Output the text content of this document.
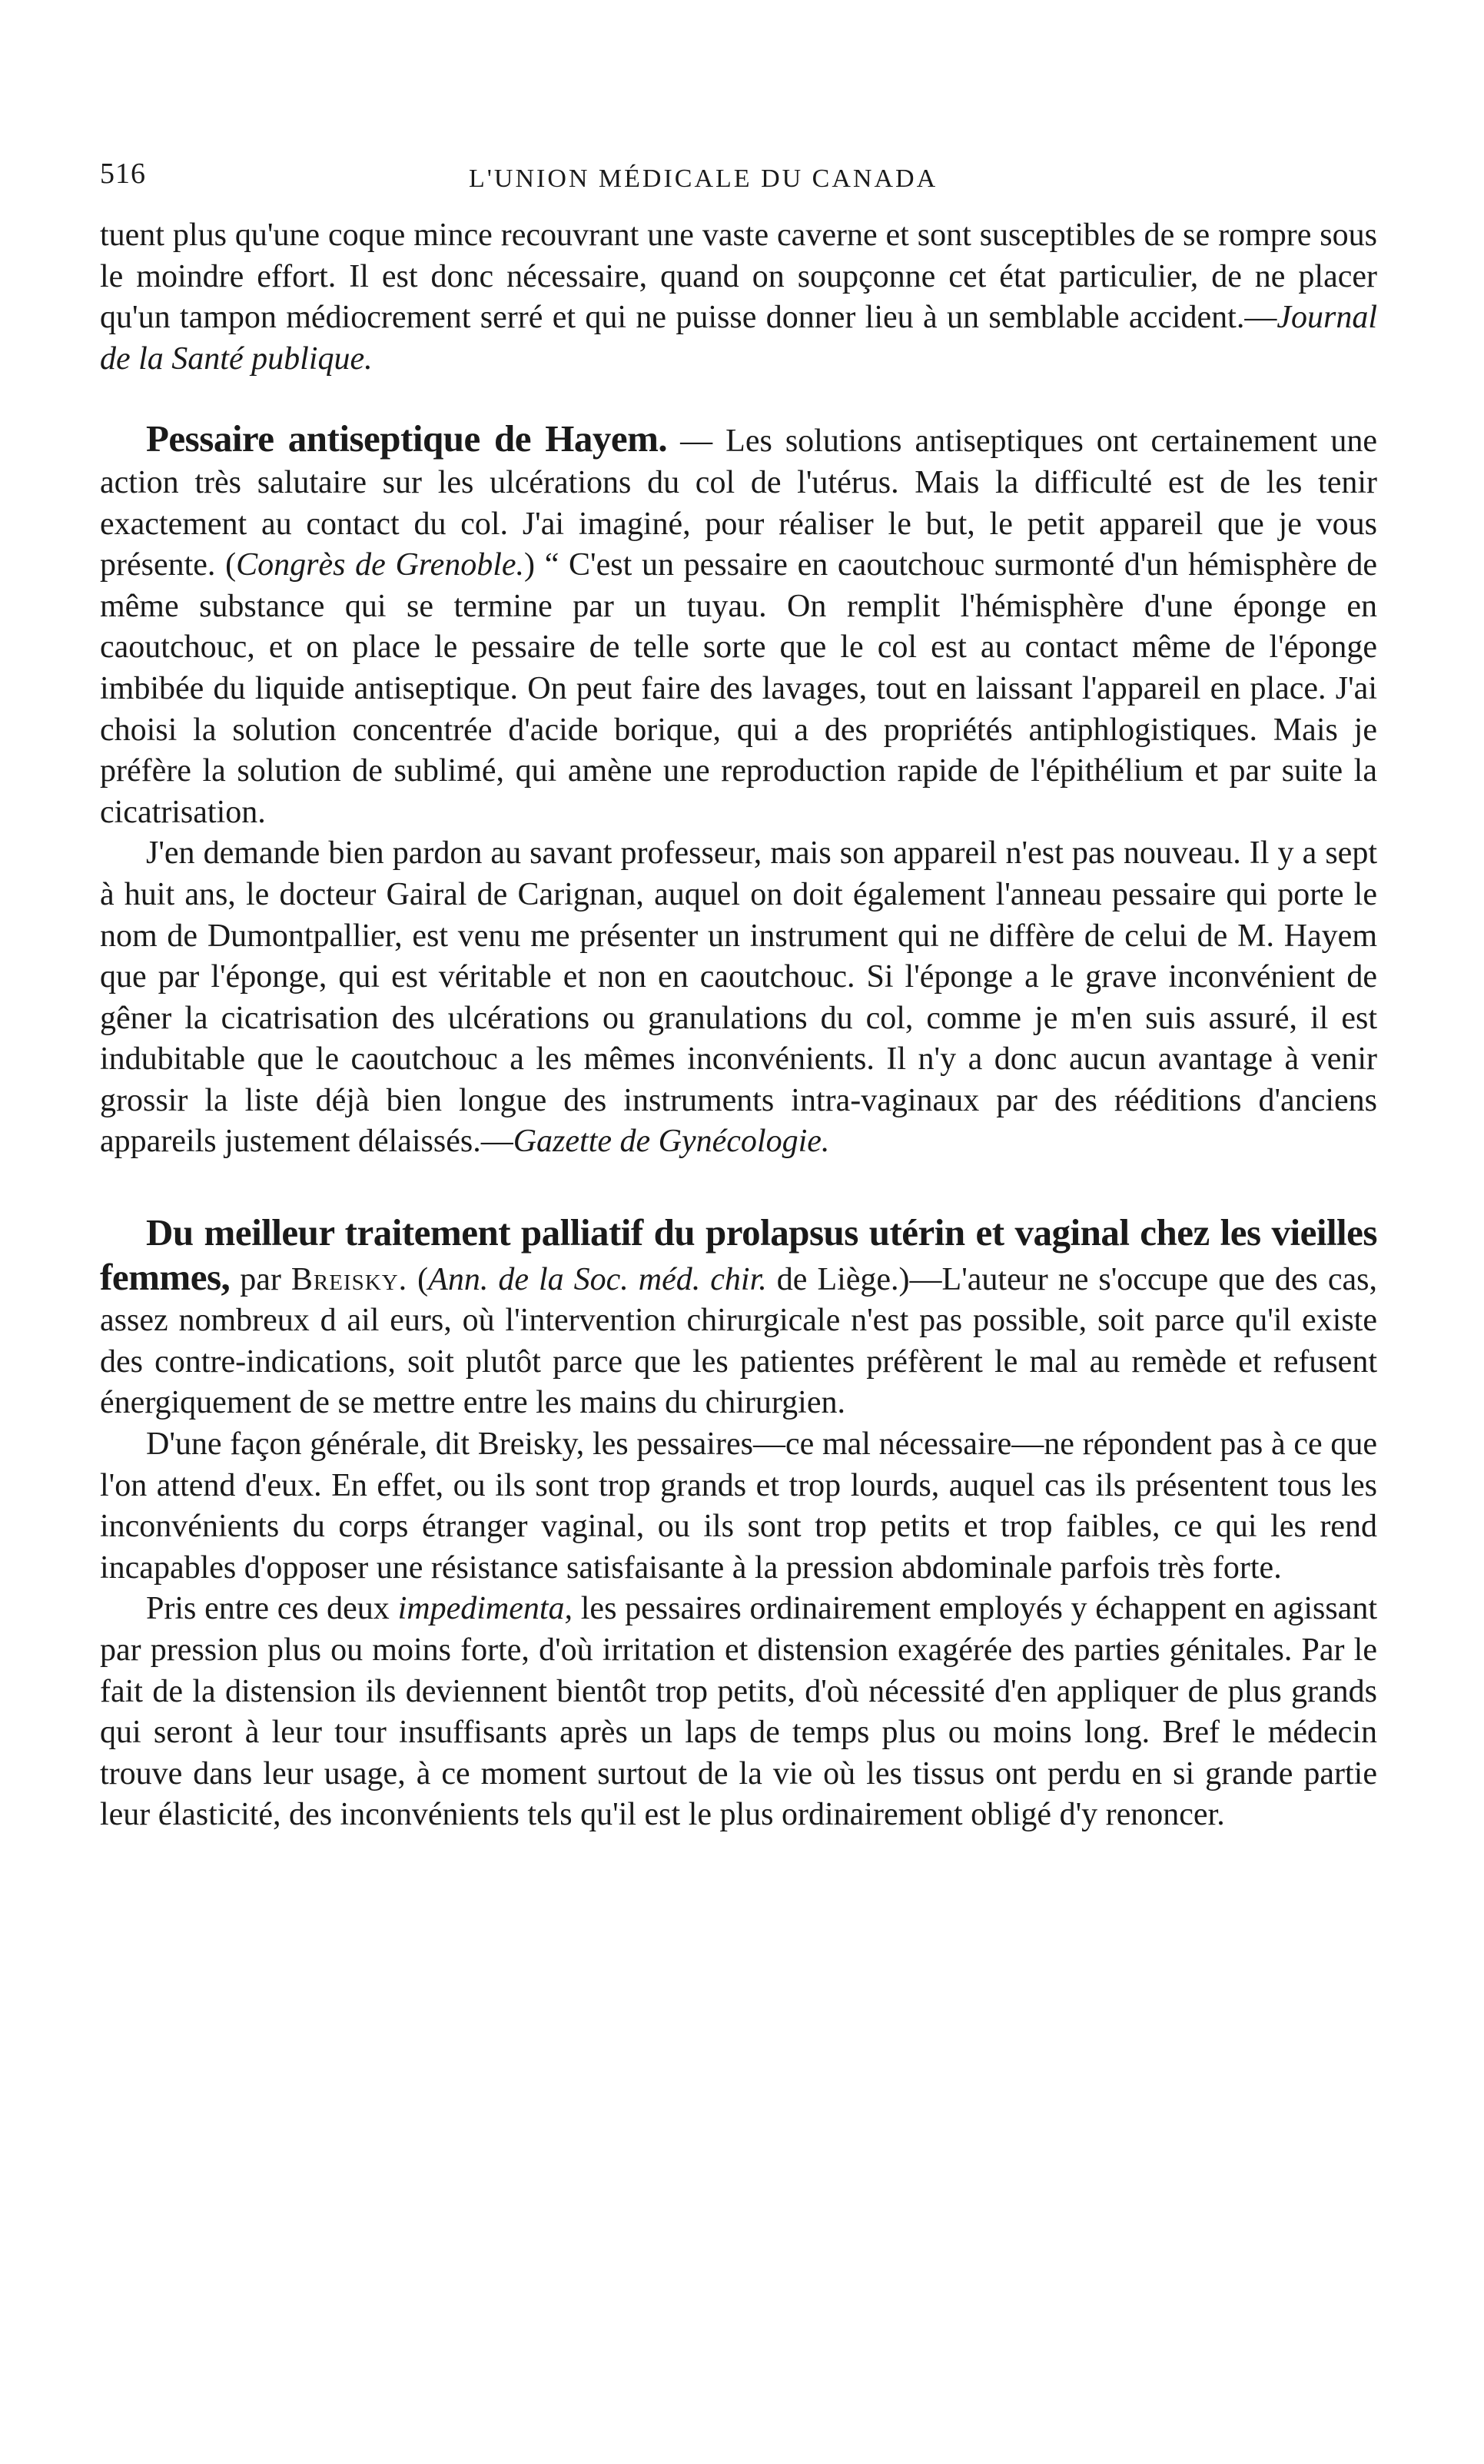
516	L'UNION MÉDICALE DU CANADA

tuent plus qu'une coque mince recouvrant une vaste caverne et sont susceptibles de se rompre sous le moindre effort. Il est donc nécessaire, quand on soupçonne cet état particulier, de ne placer qu'un tampon médiocrement serré et qui ne puisse donner lieu à un semblable accident.—Journal de la Santé publique.

Pessaire antiseptique de Hayem. — Les solutions antiseptiques ont certainement une action très salutaire sur les ulcérations du col de l'utérus. Mais la difficulté est de les tenir exactement au contact du col. J'ai imaginé, pour réaliser le but, le petit appareil que je vous présente. (Congrès de Grenoble.) “ C'est un pessaire en caoutchouc surmonté d'un hémisphère de même substance qui se termine par un tuyau. On remplit l'hémisphère d'une éponge en caoutchouc, et on place le pessaire de telle sorte que le col est au contact même de l'éponge imbibée du liquide antiseptique. On peut faire des lavages, tout en laissant l'appareil en place. J'ai choisi la solution concentrée d'acide borique, qui a des propriétés antiphlogistiques. Mais je préfère la solution de sublimé, qui amène une reproduction rapide de l'épithélium et par suite la cicatrisation.

J'en demande bien pardon au savant professeur, mais son appareil n'est pas nouveau. Il y a sept à huit ans, le docteur Gairal de Carignan, auquel on doit également l'anneau pessaire qui porte le nom de Dumontpallier, est venu me présenter un instrument qui ne diffère de celui de M. Hayem que par l'éponge, qui est véritable et non en caoutchouc. Si l'éponge a le grave inconvénient de gêner la cicatrisation des ulcérations ou granulations du col, comme je m'en suis assuré, il est indubitable que le caoutchouc a les mêmes inconvénients. Il n'y a donc aucun avantage à venir grossir la liste déjà bien longue des instruments intra-vaginaux par des rééditions d'anciens appareils justement délaissés.—Gazette de Gynécologie.

Du meilleur traitement palliatif du prolapsus utérin et vaginal chez les vieilles femmes, par Breisky. (Ann. de la Soc. méd. chir. de Liège.)—L'auteur ne s'occupe que des cas, assez nombreux d ail eurs, où l'intervention chirurgicale n'est pas possible, soit parce qu'il existe des contre-indications, soit plutôt parce que les patientes préfèrent le mal au remède et refusent énergiquement de se mettre entre les mains du chirurgien.

D'une façon générale, dit Breisky, les pessaires—ce mal nécessaire—ne répondent pas à ce que l'on attend d'eux. En effet, ou ils sont trop grands et trop lourds, auquel cas ils présentent tous les inconvénients du corps étranger vaginal, ou ils sont trop petits et trop faibles, ce qui les rend incapables d'opposer une résistance satisfaisante à la pression abdominale parfois très forte.

Pris entre ces deux impedimenta, les pessaires ordinairement employés y échappent en agissant par pression plus ou moins forte, d'où irritation et distension exagérée des parties génitales. Par le fait de la distension ils deviennent bientôt trop petits, d'où nécessité d'en appliquer de plus grands qui seront à leur tour insuffisants après un laps de temps plus ou moins long. Bref le médecin trouve dans leur usage, à ce moment surtout de la vie où les tissus ont perdu en si grande partie leur élasticité, des inconvénients tels qu'il est le plus ordinairement obligé d'y renoncer.
